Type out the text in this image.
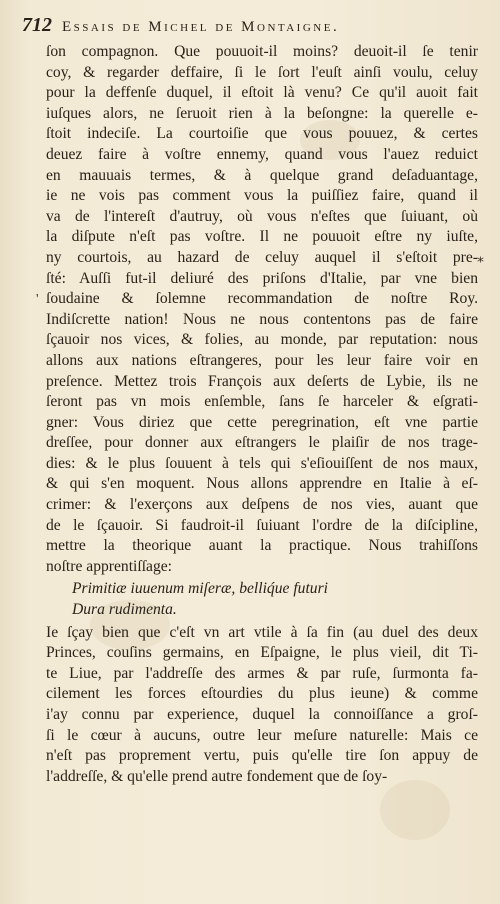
712 Essais de Michel de Montaigne.
⁎
'
ſon compagnon. Que pouuoit-il moins? deuoit-il ſe tenir
coy, & regarder deffaire, ſi le ſort l'euſt ainſi voulu, celuy
pour la deffenſe duquel, il eſtoit là venu? Ce qu'il auoit fait
iuſques alors, ne ſeruoit rien à la beſongne: la querelle e-
ſtoit indeciſe. La courtoiſie que vous pouuez, & certes
deuez faire à voſtre ennemy, quand vous l'auez reduict
en mauuais termes, & à quelque grand deſaduantage,
ie ne vois pas comment vous la puiſſiez faire, quand il
va de l'intereſt d'autruy, où vous n'eſtes que ſuiuant, où
la diſpute n'eſt pas voſtre. Il ne pouuoit eſtre ny iuſte,
ny courtois, au hazard de celuy auquel il s'eſtoit pre-
ſté: Auſſi fut-il deliuré des priſons d'Italie, par vne bien
ſoudaine & ſolemne recommandation de noſtre Roy.
Indiſcrette nation! Nous ne nous contentons pas de faire
ſçauoir nos vices, & folies, au monde, par reputation: nous
allons aux nations eſtrangeres, pour les leur faire voir en
preſence. Mettez trois François aux deſerts de Lybie, ils ne
ſeront pas vn mois enſemble, ſans ſe harceler & eſgrati-
gner: Vous diriez que cette peregrination, eſt vne partie
dreſſee, pour donner aux eſtrangers le plaiſir de nos trage-
dies: & le plus ſouuent à tels qui s'eſiouiſſent de nos maux,
& qui s'en moquent. Nous allons apprendre en Italie à eſ-
crimer: & l'exerçons aux deſpens de nos vies, auant que
de le ſçauoir. Si faudroit-il ſuiuant l'ordre de la diſcipline,
mettre la theorique auant la practique. Nous trahiſſons
noſtre apprentiſſage:
Primitiæ iuuenum miſeræ, belliq́ue futuri
Dura rudimenta.
Ie ſçay bien que c'eſt vn art vtile à ſa fin (au duel des deux
Princes, couſins germains, en Eſpaigne, le plus vieil, dit Ti-
te Liue, par l'addreſſe des armes & par ruſe, ſurmonta fa-
cilement les forces eſtourdies du plus ieune) & comme
i'ay connu par experience, duquel la connoiſſance a groſ-
ſi le cœur à aucuns, outre leur meſure naturelle: Mais ce
n'eſt pas proprement vertu, puis qu'elle tire ſon appuy de
l'addreſſe, & qu'elle prend autre fondement que de ſoy-
